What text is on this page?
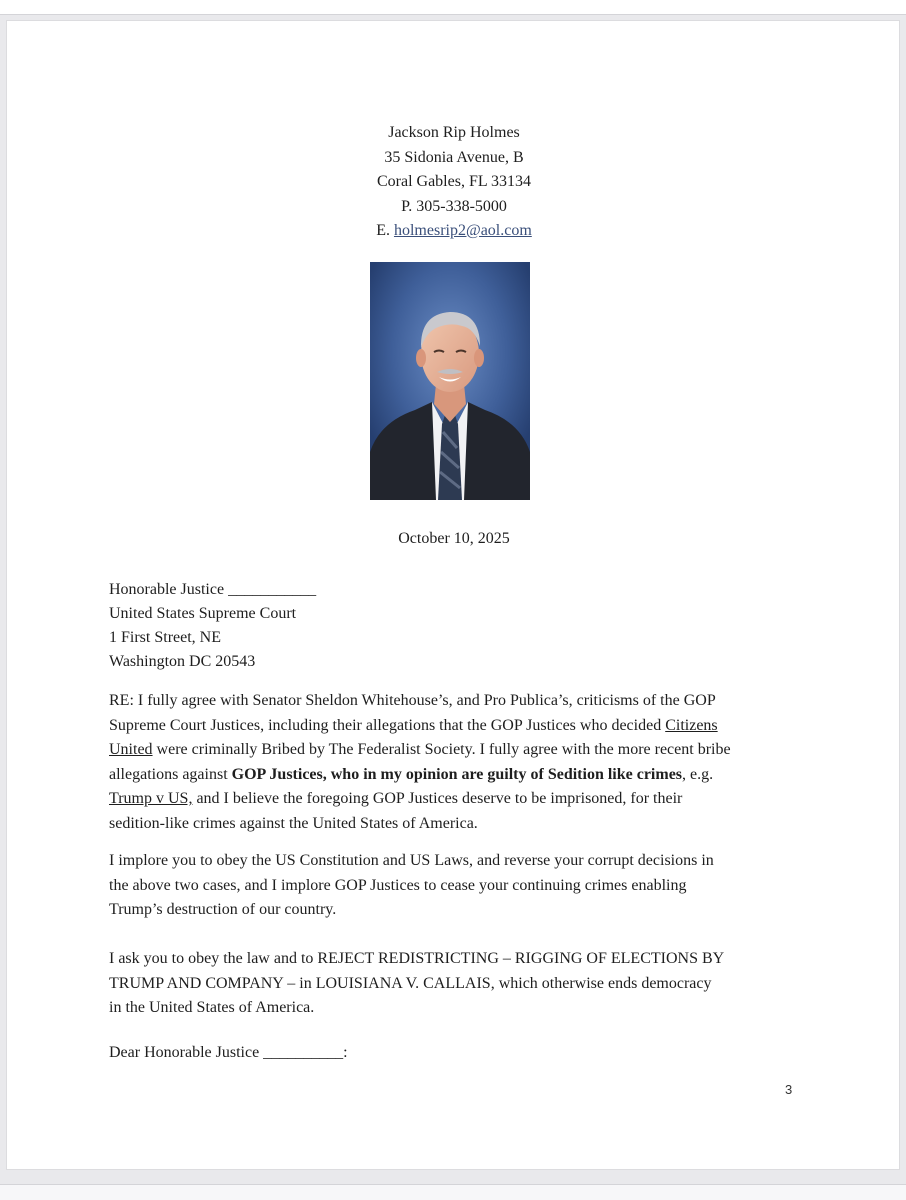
Jackson Rip Holmes
35 Sidonia Avenue, B
Coral Gables, FL 33134
P. 305-338-5000
E. holmesrip2@aol.com
October 10, 2025
Honorable Justice ___________
United States Supreme Court
1 First Street, NE
Washington DC 20543
RE: I fully agree with Senator Sheldon Whitehouse’s, and Pro Publica’s, criticisms of the GOP
Supreme Court Justices, including their allegations that the GOP Justices who decided Citizens
United were criminally Bribed by The Federalist Society. I fully agree with the more recent bribe
allegations against GOP Justices, who in my opinion are guilty of Sedition like crimes, e.g.
Trump v US, and I believe the foregoing GOP Justices deserve to be imprisoned, for their
sedition-like crimes against the United States of America.
I implore you to obey the US Constitution and US Laws, and reverse your corrupt decisions in
the above two cases, and I implore GOP Justices to cease your continuing crimes enabling
Trump’s destruction of our country.
I ask you to obey the law and to REJECT REDISTRICTING – RIGGING OF ELECTIONS BY
TRUMP AND COMPANY – in LOUISIANA V. CALLAIS, which otherwise ends democracy
in the United States of America.
Dear Honorable Justice __________:
3
